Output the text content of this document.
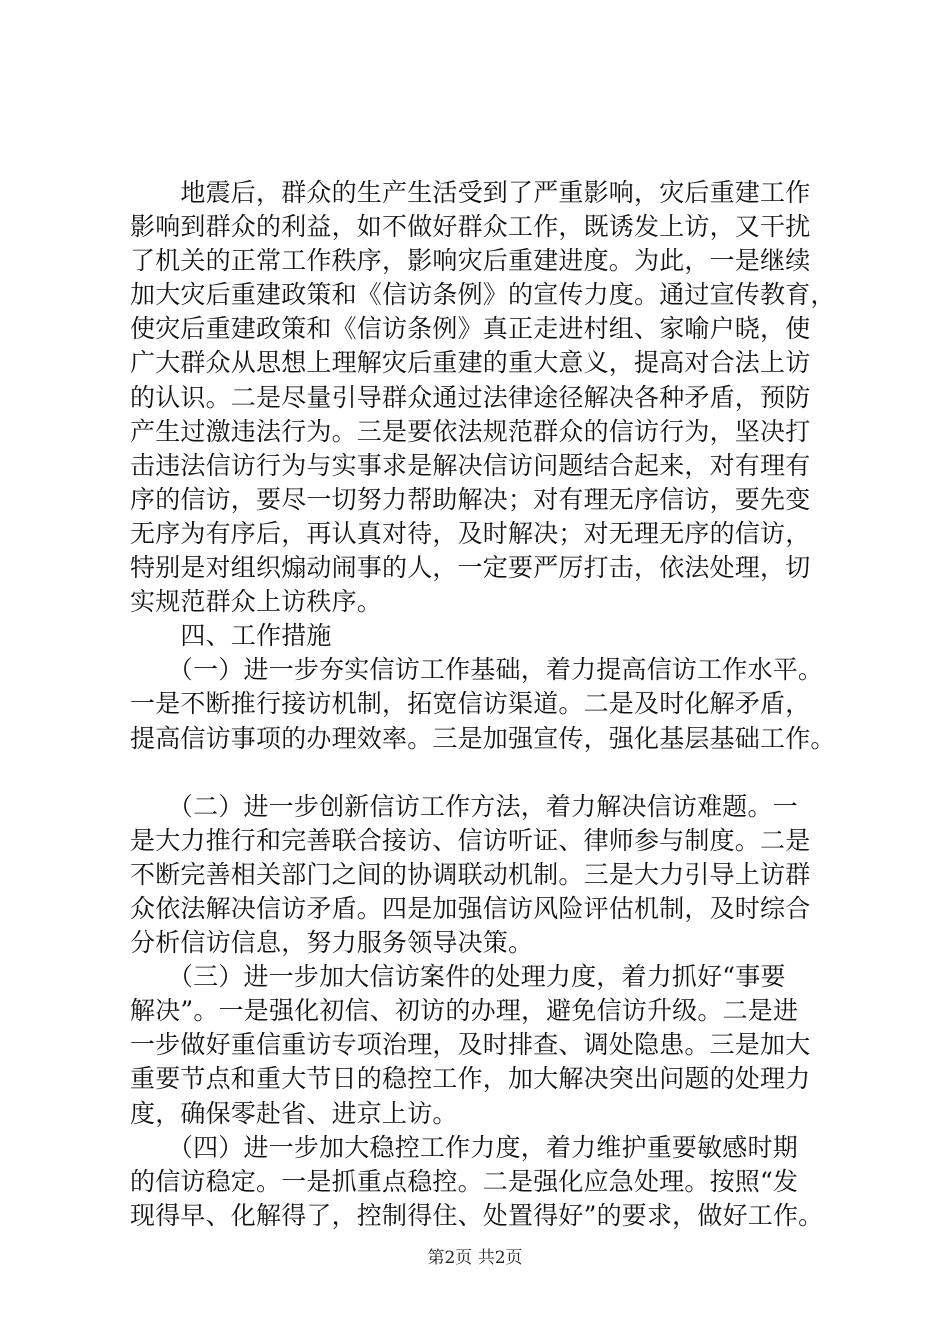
　　地震后，群众的生产生活受到了严重影响，灾后重建工作
影响到群众的利益，如不做好群众工作，既诱发上访，又干扰
了机关的正常工作秩序，影响灾后重建进度。为此，一是继续
加大灾后重建政策和《信访条例》的宣传力度。通过宣传教育，
使灾后重建政策和《信访条例》真正走进村组、家喻户晓，使
广大群众从思想上理解灾后重建的重大意义，提高对合法上访
的认识。二是尽量引导群众通过法律途径解决各种矛盾，预防
产生过激违法行为。三是要依法规范群众的信访行为，坚决打
击违法信访行为与实事求是解决信访问题结合起来，对有理有
序的信访，要尽一切努力帮助解决；对有理无序信访，要先变
无序为有序后，再认真对待，及时解决；对无理无序的信访，
特别是对组织煽动闹事的人，一定要严厉打击，依法处理，切
实规范群众上访秩序。
　　四、工作措施
　　（一）进一步夯实信访工作基础，着力提高信访工作水平。
一是不断推行接访机制，拓宽信访渠道。二是及时化解矛盾，
提高信访事项的办理效率。三是加强宣传，强化基层基础工作。
　　（二）进一步创新信访工作方法，着力解决信访难题。一
是大力推行和完善联合接访、信访听证、律师参与制度。二是
不断完善相关部门之间的协调联动机制。三是大力引导上访群
众依法解决信访矛盾。四是加强信访风险评估机制，及时综合
分析信访信息，努力服务领导决策。
　　（三）进一步加大信访案件的处理力度，着力抓好“事要
解决”。一是强化初信、初访的办理，避免信访升级。二是进
一步做好重信重访专项治理，及时排查、调处隐患。三是加大
重要节点和重大节日的稳控工作，加大解决突出问题的处理力
度，确保零赴省、进京上访。
　　（四）进一步加大稳控工作力度，着力维护重要敏感时期
的信访稳定。一是抓重点稳控。二是强化应急处理。按照“发
现得早、化解得了，控制得住、处置得好”的要求，做好工作。
第2页 共2页
